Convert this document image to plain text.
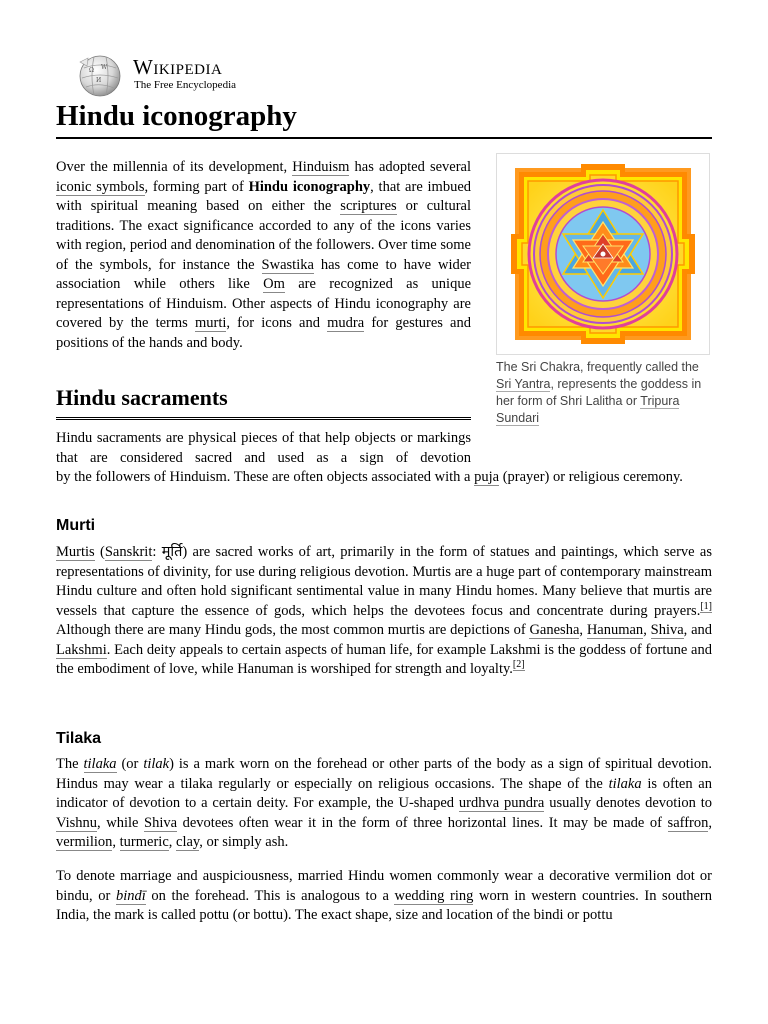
Ω W
И
Wikipedia
The Free Encyclopedia
Hindu iconography
The Sri Chakra, frequently called the Sri Yantra, represents the goddess in her form of Shri Lalitha or Tripura Sundari

Over the millennia of its development, Hinduism has adopted several iconic symbols, forming part of Hindu iconography, that are imbued with spiritual meaning based on either the scriptures or cultural traditions. The exact significance accorded to any of the icons varies with region, period and denomination of the followers. Over time some of the symbols, for instance the Swastika has come to have wider association while others like Om are recognized as unique representations of Hinduism. Other aspects of Hindu iconography are covered by the terms murti, for icons and mudra for gestures and positions of the hands and body.

Hindu sacraments

Hindu sacraments are physical pieces of that help objects or markings that are considered sacred and used as a sign of devotion

by the followers of Hinduism. These are often objects associated with a puja (prayer) or religious ceremony.

Murti

Murtis (Sanskrit: मूर्ति) are sacred works of art, primarily in the form of statues and paintings, which serve as representations of divinity, for use during religious devotion. Murtis are a huge part of contemporary mainstream Hindu culture and often hold significant sentimental value in many Hindu homes. Many believe that murtis are vessels that capture the essence of gods, which helps the devotees focus and concentrate during prayers.[1] Although there are many Hindu gods, the most common murtis are depictions of Ganesha, Hanuman, Shiva, and Lakshmi. Each deity appeals to certain aspects of human life, for example Lakshmi is the goddess of fortune and the embodiment of love, while Hanuman is worshiped for strength and loyalty.[2]

Tilaka

The tilaka (or tilak) is a mark worn on the forehead or other parts of the body as a sign of spiritual devotion. Hindus may wear a tilaka regularly or especially on religious occasions. The shape of the tilaka is often an indicator of devotion to a certain deity. For example, the U-shaped urdhva pundra usually denotes devotion to Vishnu, while Shiva devotees often wear it in the form of three horizontal lines. It may be made of saffron, vermilion, turmeric, clay, or simply ash.

To denote marriage and auspiciousness, married Hindu women commonly wear a decorative vermilion dot or bindu, or bindī on the forehead. This is analogous to a wedding ring worn in western countries. In southern India, the mark is called pottu (or bottu). The exact shape, size and location of the bindi or pottu
